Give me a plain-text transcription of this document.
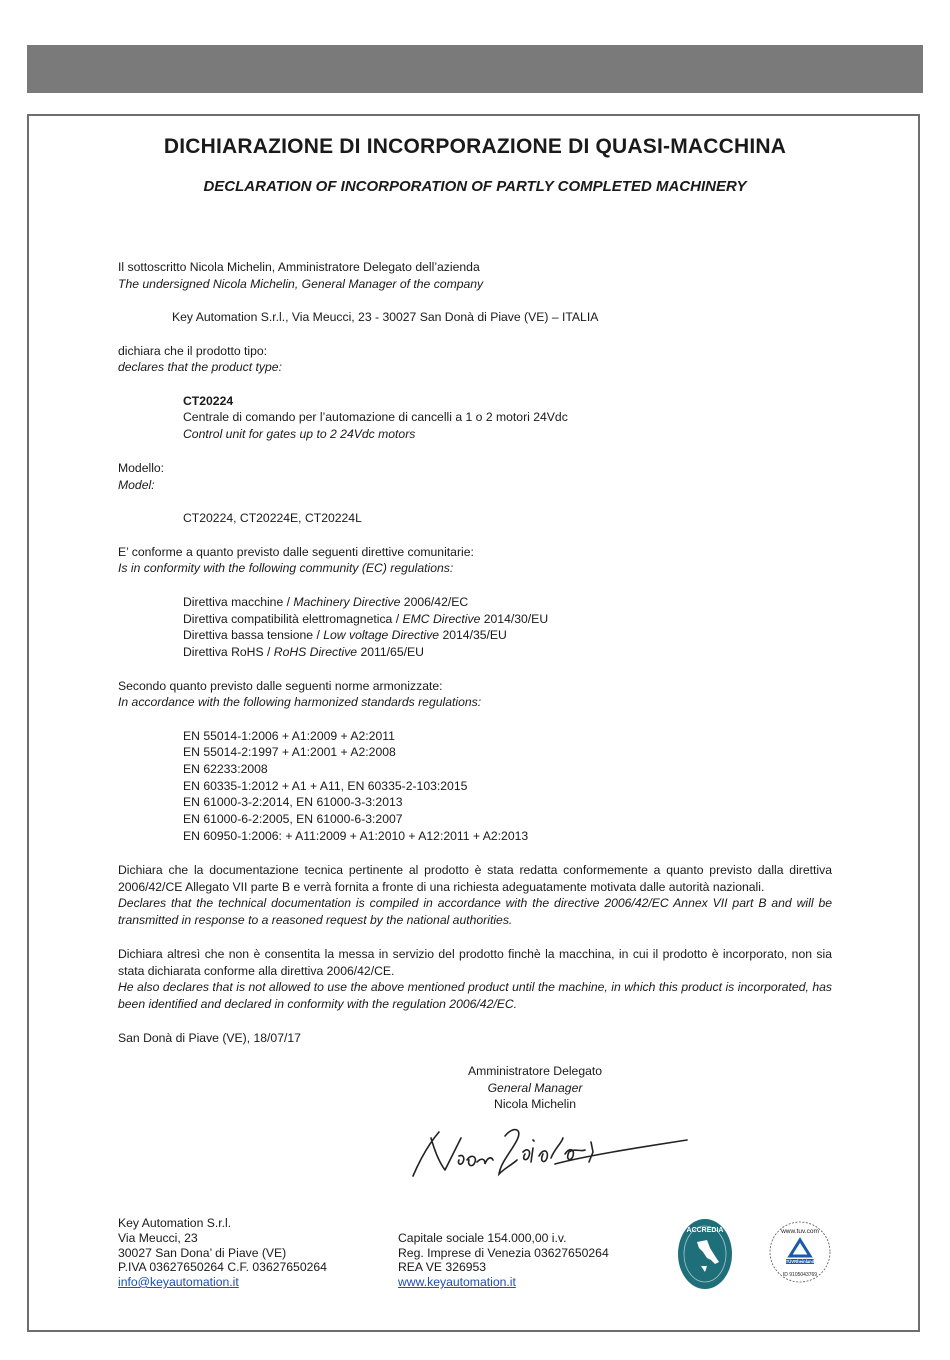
DICHIARAZIONE DI INCORPORAZIONE DI QUASI-MACCHINA
DECLARATION OF INCORPORATION OF PARTLY COMPLETED MACHINERY
Il sottoscritto Nicola Michelin, Amministratore Delegato dell’azienda
The undersigned Nicola Michelin, General Manager of the company
Key Automation S.r.l., Via Meucci, 23 - 30027 San Donà di Piave (VE) – ITALIA
dichiara che il prodotto tipo:
declares that the product type:
CT20224
Centrale di comando per l’automazione di cancelli a 1 o 2 motori 24Vdc
Control unit for gates up to 2 24Vdc motors
Modello:
Model:
CT20224, CT20224E, CT20224L
E’ conforme a quanto previsto dalle seguenti direttive comunitarie:
Is in conformity with the following community (EC) regulations:
Direttiva macchine / Machinery Directive 2006/42/EC
Direttiva compatibilità elettromagnetica / EMC Directive 2014/30/EU
Direttiva bassa tensione / Low voltage Directive 2014/35/EU
Direttiva RoHS / RoHS Directive 2011/65/EU
Secondo quanto previsto dalle seguenti norme armonizzate:
In accordance with the following harmonized standards regulations:
EN 55014-1:2006 + A1:2009 + A2:2011
EN 55014-2:1997 + A1:2001 + A2:2008
EN 62233:2008
EN 60335-1:2012 + A1 + A11, EN 60335-2-103:2015
EN 61000-3-2:2014, EN 61000-3-3:2013
EN 61000-6-2:2005, EN 61000-6-3:2007
EN 60950-1:2006: + A11:2009 + A1:2010 + A12:2011 + A2:2013
Dichiara che la documentazione tecnica pertinente al prodotto è stata redatta conformemente a quanto previsto dalla direttiva 2006/42/CE Allegato VII parte B e verrà fornita a fronte di una richiesta adeguatamente motivata dalle autorità nazionali.
Declares that the technical documentation is compiled in accordance with the directive 2006/42/EC Annex VII part B and will be transmitted in response to a reasoned request by the national authorities.
Dichiara altresì che non è consentita la messa in servizio del prodotto finchè la macchina, in cui il prodotto è incorporato, non sia stata dichiarata conforme alla direttiva 2006/42/CE.
He also declares that is not allowed to use the above mentioned product until the machine, in which this product is incorporated, has been identified and declared in conformity with the regulation 2006/42/EC.
San Donà di Piave (VE), 18/07/17
Amministratore Delegato
General Manager
Nicola Michelin
Key Automation S.r.l.
Via Meucci, 23
30027 San Dona’ di Piave (VE)
P.IVA 03627650264 C.F. 03627650264
info@keyautomation.it
Capitale sociale 154.000,00 i.v.
Reg. Imprese di Venezia 03627650264
REA VE 326953
www.keyautomation.it
ACCREDIA	www.tuv.com
TÜVRheinland
ID 9105043769
